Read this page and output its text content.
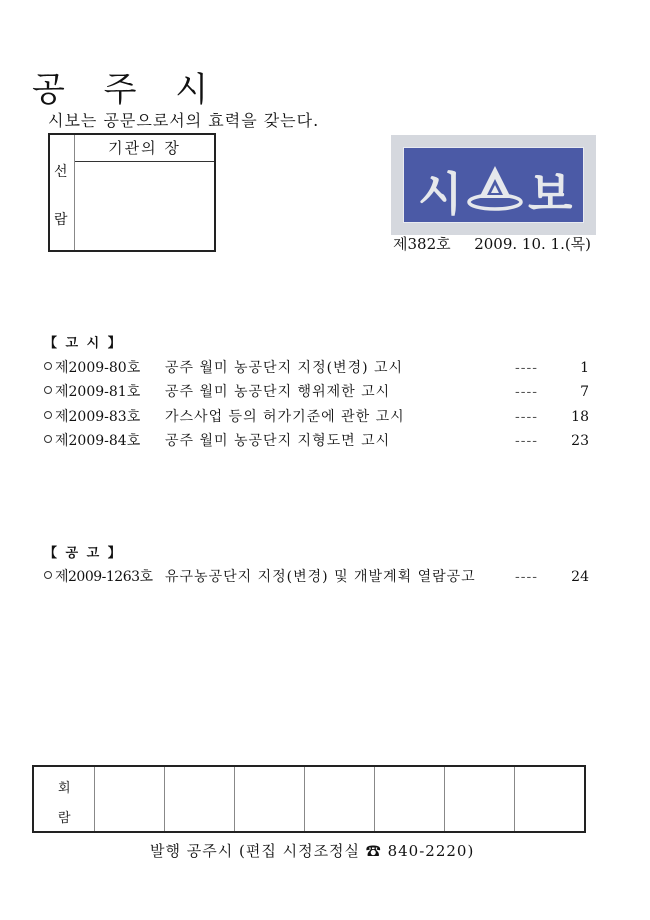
공 주 시
시보는 공문으로서의 효력을 갖는다.
선
람
기관의 장
시 보
제382호 2009. 10. 1.(목)
【 고 시 】
제2009-80호 공주 월미 농공단지 지정(변경) 고시	----	1
제2009-81호 공주 월미 농공단지 행위제한 고시	----	7
제2009-83호 가스사업 등의 허가기준에 관한 고시	---- 18
제2009-84호 공주 월미 농공단지 지형도면 고시	---- 23
【 공 고 】
제2009-1263호 유구농공단지 지정(변경) 및 개발계획 열람공고	---- 24
회
람
발행 공주시 (편집 시정조정실 ☎ 840-2220)
